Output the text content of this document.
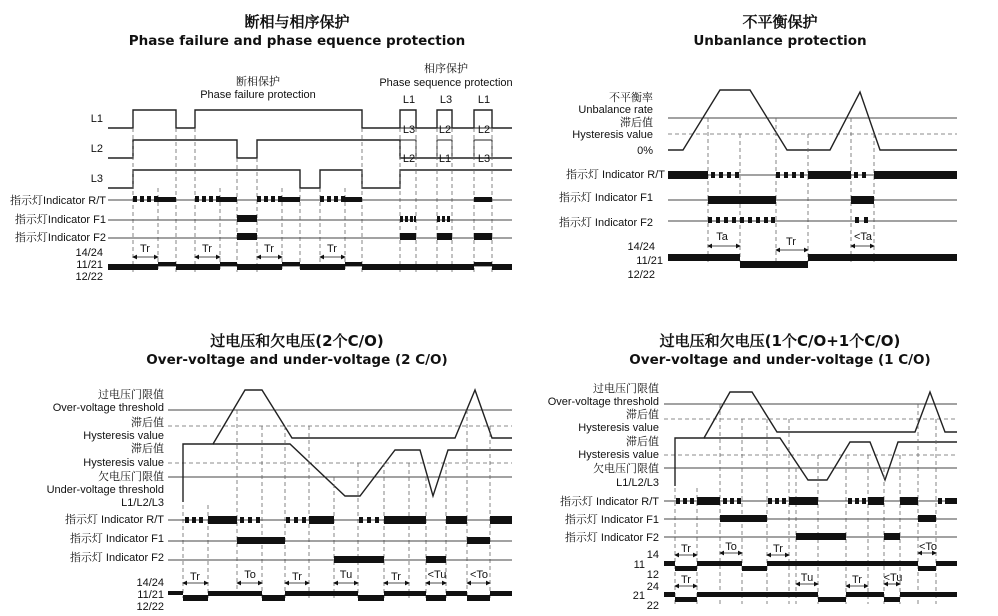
断相与相序保护
Phase failure and phase equence protection
断相保护
Phase failure protection
相序保护
Phase sequence protection
L1
L2
L3
指示灯Indicator R/T
指示灯Indicator F1
指示灯Indicator F2
14/24
11/21
12/22
L1 L3 L1
L3 L2 L2
L2 L1 L3
Tr	Tr	Tr	Tr
不平衡保护
Unbanlance protection
不平衡率
Unbalance rate
滞后值
Hysteresis value
0%
指示灯 Indicator R/T
指示灯 Indicator F1
指示灯 Indicator F2
14/24
11/21
12/22
Ta	Tr	<Ta
过电压和欠电压(2个C/O)
Over-voltage and under-voltage (2 C/O)
过电压门限值
Over-voltage threshold
滞后值
Hysteresis value
滞后值
Hysteresis value
欠电压门限值
Under-voltage threshold
L1/L2/L3
指示灯 Indicator R/T
指示灯 Indicator F1
指示灯 Indicator F2
14/24
11/21
12/22
Tr	To	Tr	Tu	Tr <Tu <To
过电压和欠电压(1个C/O+1个C/O)
Over-voltage and under-voltage (1 C/O)
过电压门限值
Over-voltage threshold
滞后值
Hysteresis value
滞后值
Hysteresis value
欠电压门限值
L1/L2/L3
指示灯 Indicator R/T
指示灯 Indicator F1
指示灯 Indicator F2
14
11
12
24
21
22
Tr	To	Tr	<To
Tr	Tu	Tr <Tu
